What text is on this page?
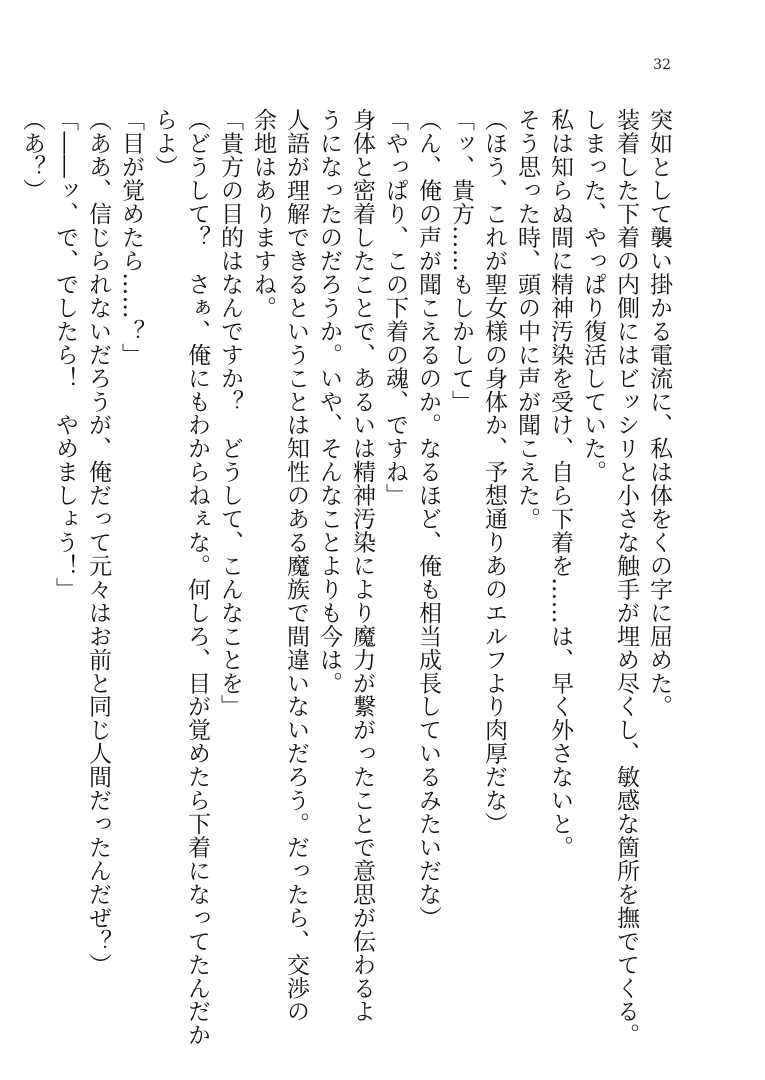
32

突如として襲い掛かる電流に、私は体をくの字に屈めた。

装着した下着の内側にはビッシリと小さな触手が埋め尽くし、敏感な箇所を撫でてくる。

しまった、やっぱり復活していた。

私は知らぬ間に精神汚染を受け、自ら下着を……は、早く外さないと。

そう思った時、頭の中に声が聞こえた。

（ほう、これが聖女様の身体か、予想通りあのエルフより肉厚だな）

「ッ、貴方……もしかして」

（ん、俺の声が聞こえるのか。なるほど、俺も相当成長しているみたいだな）

「やっぱり、この下着の魂、ですね」

身体と密着したことで、あるいは精神汚染により魔力が繋がったことで意思が伝わるよ

うになったのだろうか。いや、そんなことよりも今は。

人語が理解できるということは知性のある魔族で間違いないだろう。だったら、交渉の

余地はありますね。

「貴方の目的はなんですか？　どうして、こんなことを」

（どうして？　さぁ、俺にもわからねぇな。何しろ、目が覚めたら下着になってたんだか

らよ）

「目が覚めたら……？」

（ああ、信じられないだろうが、俺だって元々はお前と同じ人間だったんだぜ？）

「――ッ、で、でしたら！　やめましょう！」

（あ？）
